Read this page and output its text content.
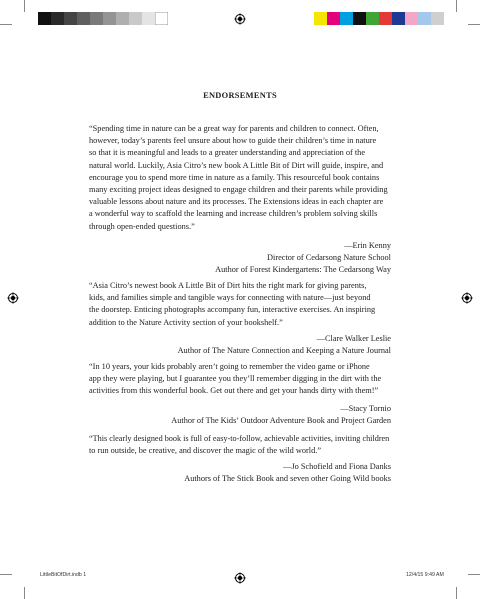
ENDORSEMENTS
“Spending time in nature can be a great way for parents and children to connect. Often,
however, today’s parents feel unsure about how to guide their children’s time in nature
so that it is meaningful and leads to a greater understanding and appreciation of the
natural world. Luckily, Asia Citro’s new book A Little Bit of Dirt will guide, inspire, and
encourage you to spend more time in nature as a family. This resourceful book contains
many exciting project ideas designed to engage children and their parents while providing
valuable lessons about nature and its processes. The Extensions ideas in each chapter are
a wonderful way to scaffold the learning and increase children’s problem solving skills
through open-ended questions.”
—Erin Kenny
Director of Cedarsong Nature School
Author of Forest Kindergartens: The Cedarsong Way
“Asia Citro’s newest book A Little Bit of Dirt hits the right mark for giving parents,
kids, and families simple and tangible ways for connecting with nature—just beyond
the doorstep. Enticing photographs accompany fun, interactive exercises. An inspiring
addition to the Nature Activity section of your bookshelf.”
—Clare Walker Leslie
Author of The Nature Connection and Keeping a Nature Journal
“In 10 years, your kids probably aren’t going to remember the video game or iPhone
app they were playing, but I guarantee you they’ll remember digging in the dirt with the
activities from this wonderful book. Get out there and get your hands dirty with them!”
—Stacy Tornio
Author of The Kids’ Outdoor Adventure Book and Project Garden
“This clearly designed book is full of easy-to-follow, achievable activities, inviting children
to run outside, be creative, and discover the magic of the wild world.”
—Jo Schofield and Fiona Danks
Authors of The Stick Book and seven other Going Wild books
LittleBitOfDirt.indb 1	12/4/15 9:49 AM
